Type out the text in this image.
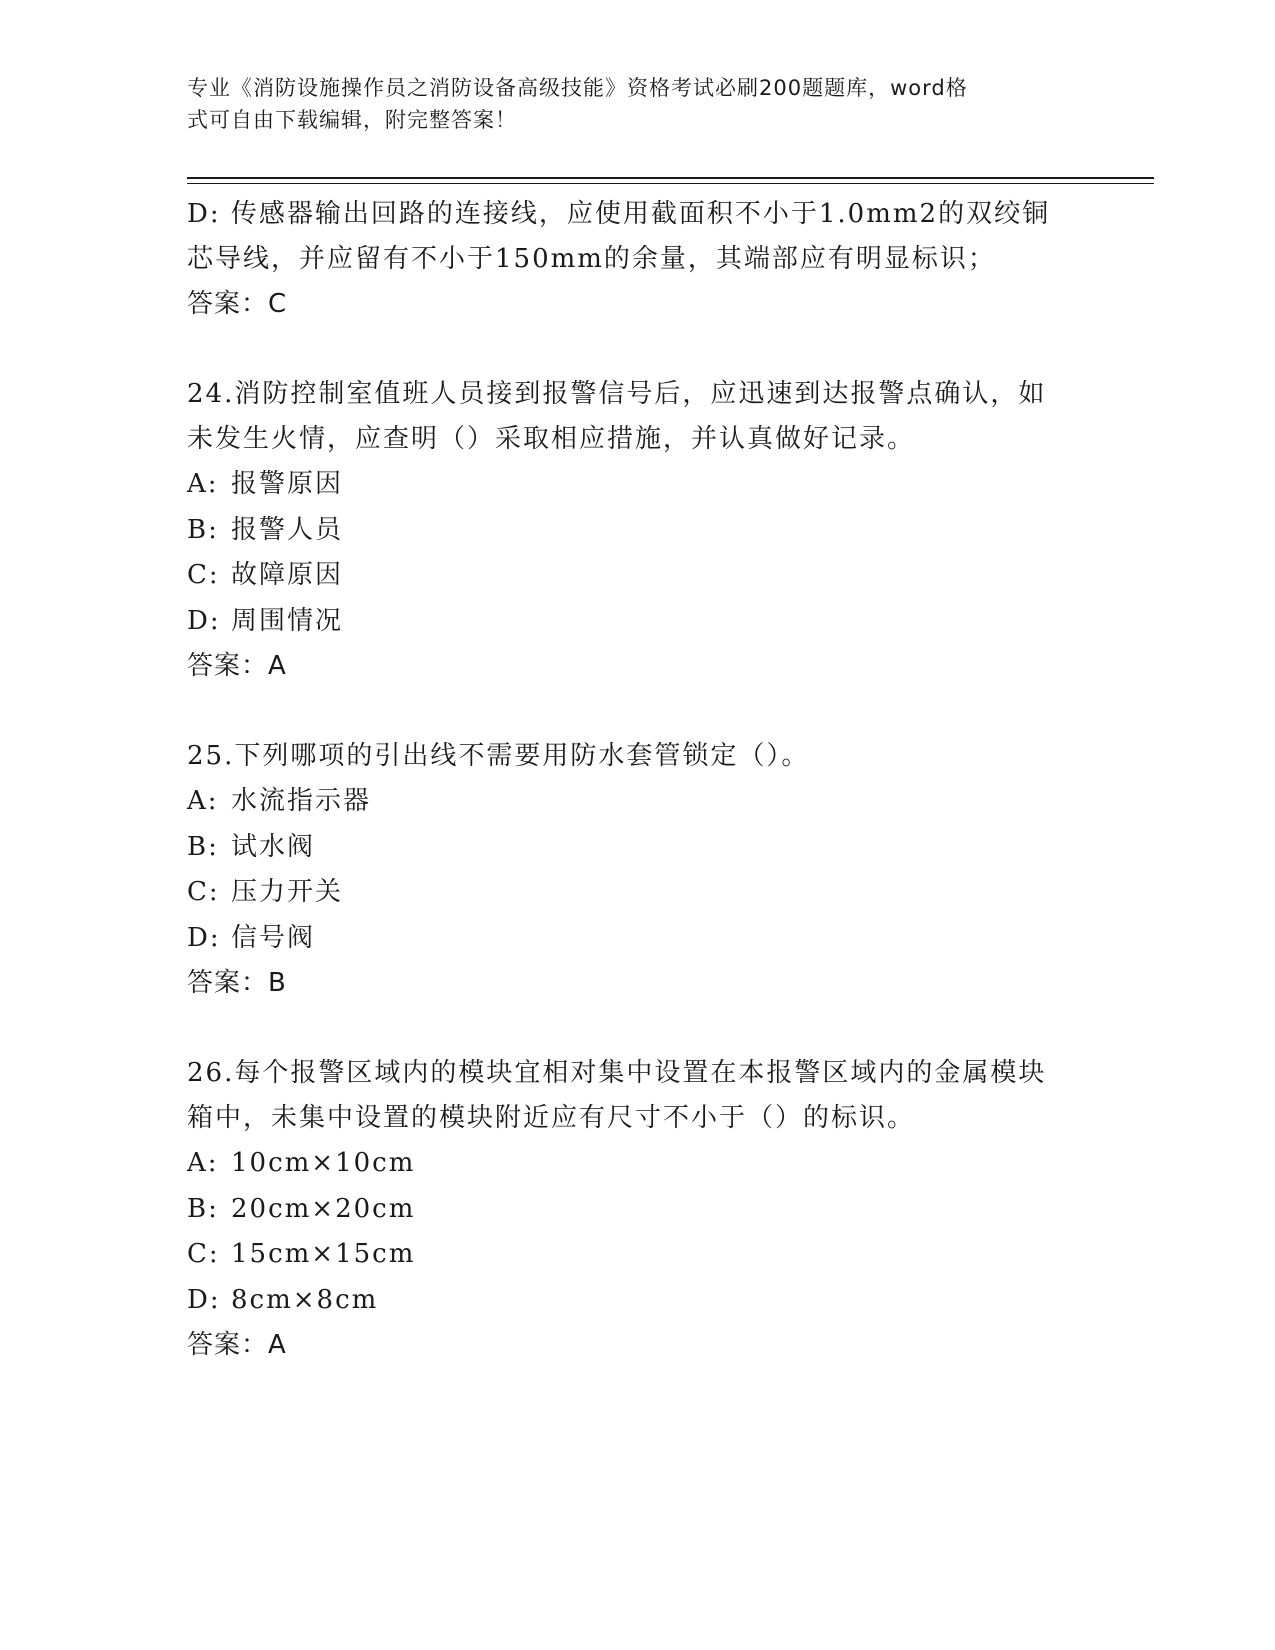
专业《消防设施操作员之消防设备高级技能》资格考试必刷200题题库，word格
式可自由下载编辑，附完整答案！
D: 传感器输出回路的连接线，应使用截面积不小于1.0mm2的双绞铜
芯导线，并应留有不小于150mm的余量，其端部应有明显标识；
答案：C
24.消防控制室值班人员接到报警信号后，应迅速到达报警点确认，如
未发生火情，应查明（）采取相应措施，并认真做好记录。
A: 报警原因
B: 报警人员
C: 故障原因
D: 周围情况
答案：A
25.下列哪项的引出线不需要用防水套管锁定（）。
A: 水流指示器
B: 试水阀
C: 压力开关
D: 信号阀
答案：B
26.每个报警区域内的模块宜相对集中设置在本报警区域内的金属模块
箱中，未集中设置的模块附近应有尺寸不小于（）的标识。
A: 10cm×10cm
B: 20cm×20cm
C: 15cm×15cm
D: 8cm×8cm
答案：A
